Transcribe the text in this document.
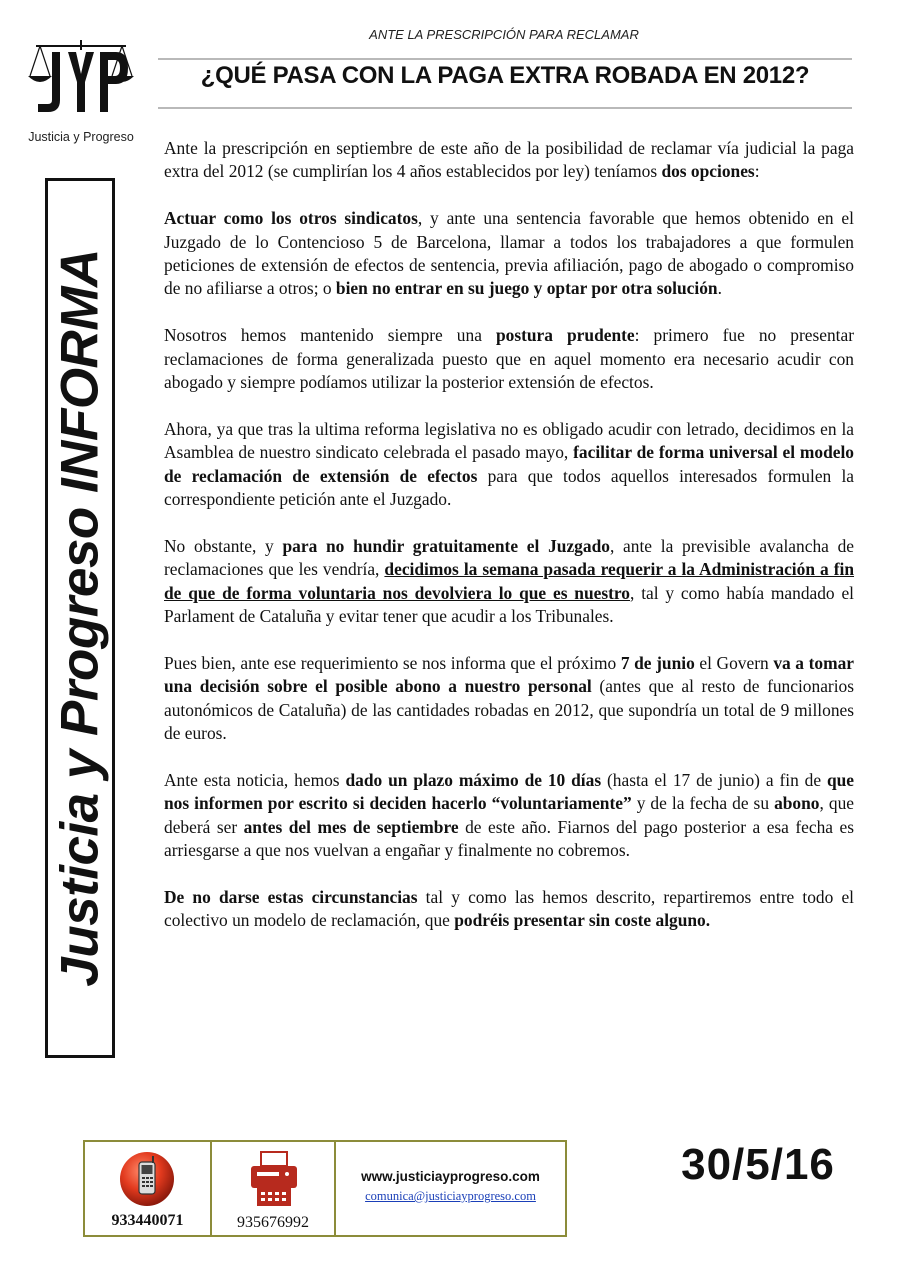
Justicia y Progreso
ANTE LA PRESCRIPCIÓN PARA RECLAMAR
¿QUÉ PASA CON LA PAGA EXTRA ROBADA EN 2012?
Justicia y Progreso INFORMA

Ante la prescripción en septiembre de este año de la posibilidad de reclamar vía judicial la paga extra del 2012 (se cumplirían los 4 años establecidos por ley) teníamos dos opciones:

Actuar como los otros sindicatos, y ante una sentencia favorable que hemos obtenido en el Juzgado de lo Contencioso 5 de Barcelona, llamar a todos los trabajadores a que formulen peticiones de extensión de efectos de sentencia, previa afiliación, pago de abogado o compromiso de no afiliarse a otros; o bien no entrar en su juego y optar por otra solución.

Nosotros hemos mantenido siempre una postura prudente: primero fue no presentar reclamaciones de forma generalizada puesto que en aquel momento era necesario acudir con abogado y siempre podíamos utilizar la posterior extensión de efectos.

Ahora, ya que tras la ultima reforma legislativa no es obligado acudir con letrado, decidimos en la Asamblea de nuestro sindicato celebrada el pasado mayo, facilitar de forma universal el modelo de reclamación de extensión de efectos para que todos aquellos interesados formulen la correspondiente petición ante el Juzgado.

No obstante, y para no hundir gratuitamente el Juzgado, ante la previsible avalancha de reclamaciones que les vendría, decidimos la semana pasada requerir a la Administración a fin de que de forma voluntaria nos devolviera lo que es nuestro, tal y como había mandado el Parlament de Cataluña y evitar tener que acudir a los Tribunales.

Pues bien, ante ese requerimiento se nos informa que el próximo 7 de junio el Govern va a tomar una decisión sobre el posible abono a nuestro personal (antes que al resto de funcionarios autonómicos de Cataluña) de las cantidades robadas en 2012, que supondría un total de 9 millones de euros.

Ante esta noticia, hemos dado un plazo máximo de 10 días (hasta el 17 de junio) a fin de que nos informen por escrito si deciden hacerlo “voluntariamente” y de la fecha de su abono, que deberá ser antes del mes de septiembre de este año. Fiarnos del pago posterior a esa fecha es arriesgarse a que nos vuelvan a engañar y finalmente no cobremos.

De no darse estas circunstancias tal y como las hemos descrito, repartiremos entre todo el colectivo un modelo de reclamación, que podréis presentar sin coste alguno.

933440071	935676992
www.justiciayprogreso.com
comunica@justiciayprogreso.com
30/5/16
